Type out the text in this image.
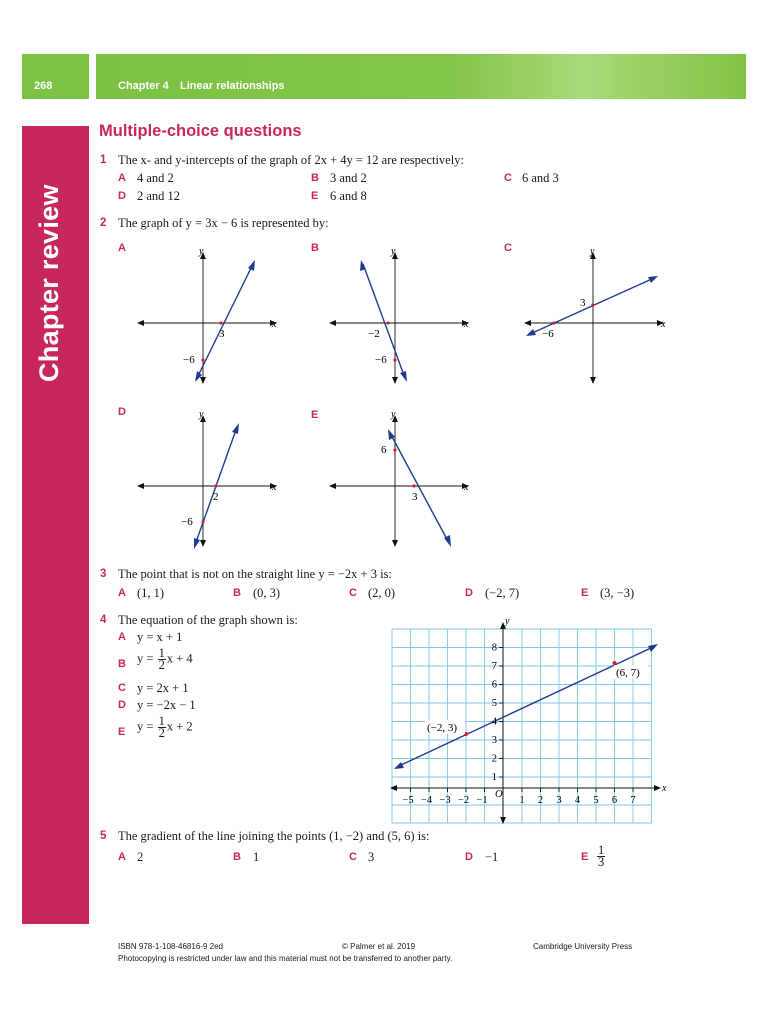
268	Chapter 4 Linear relationships
Chapter review
Multiple-choice questions
1 The x- and y-intercepts of the graph of 2x + 4y = 12 are respectively:
A 4 and 2	B 3 and 2	C 6 and 3
D 2 and 12	E 6 and 8
2 The graph of y = 3x − 6 is represented by:
A	y
x
3
−6
B	y
x
−2
−6
C	y
x
3
−6
D	y
x
2
−6
E	y
x
6
3
3 The point that is not on the straight line y = −2x + 3 is:
A (1, 1)	B (0, 3)	C (2, 0)	D (−2, 7)	E (3, −3)
4 The equation of the graph shown is:
A y = x + 1
B $y = \frac{1}{2}$ x + 4
C y = 2x + 1
D y = −2x − 1
E $y = \frac{1}{2}$ x + 2
y
x
O
1
2
3
4
5
6
7
8
−5 −4 −3 −2 −1	1 2 3 4 5 6 7
(−2, 3)
(6, 7)
5 The gradient of the line joining the points (1, −2) and (5, 6) is:
A 2	B 1	C 3	D −1	E $\frac{1}{3}$
ISBN 978-1-108-46816-9 2ed	© Palmer et al. 2019	Cambridge University Press
Photocopying is restricted under law and this material must not be transferred to another party.
